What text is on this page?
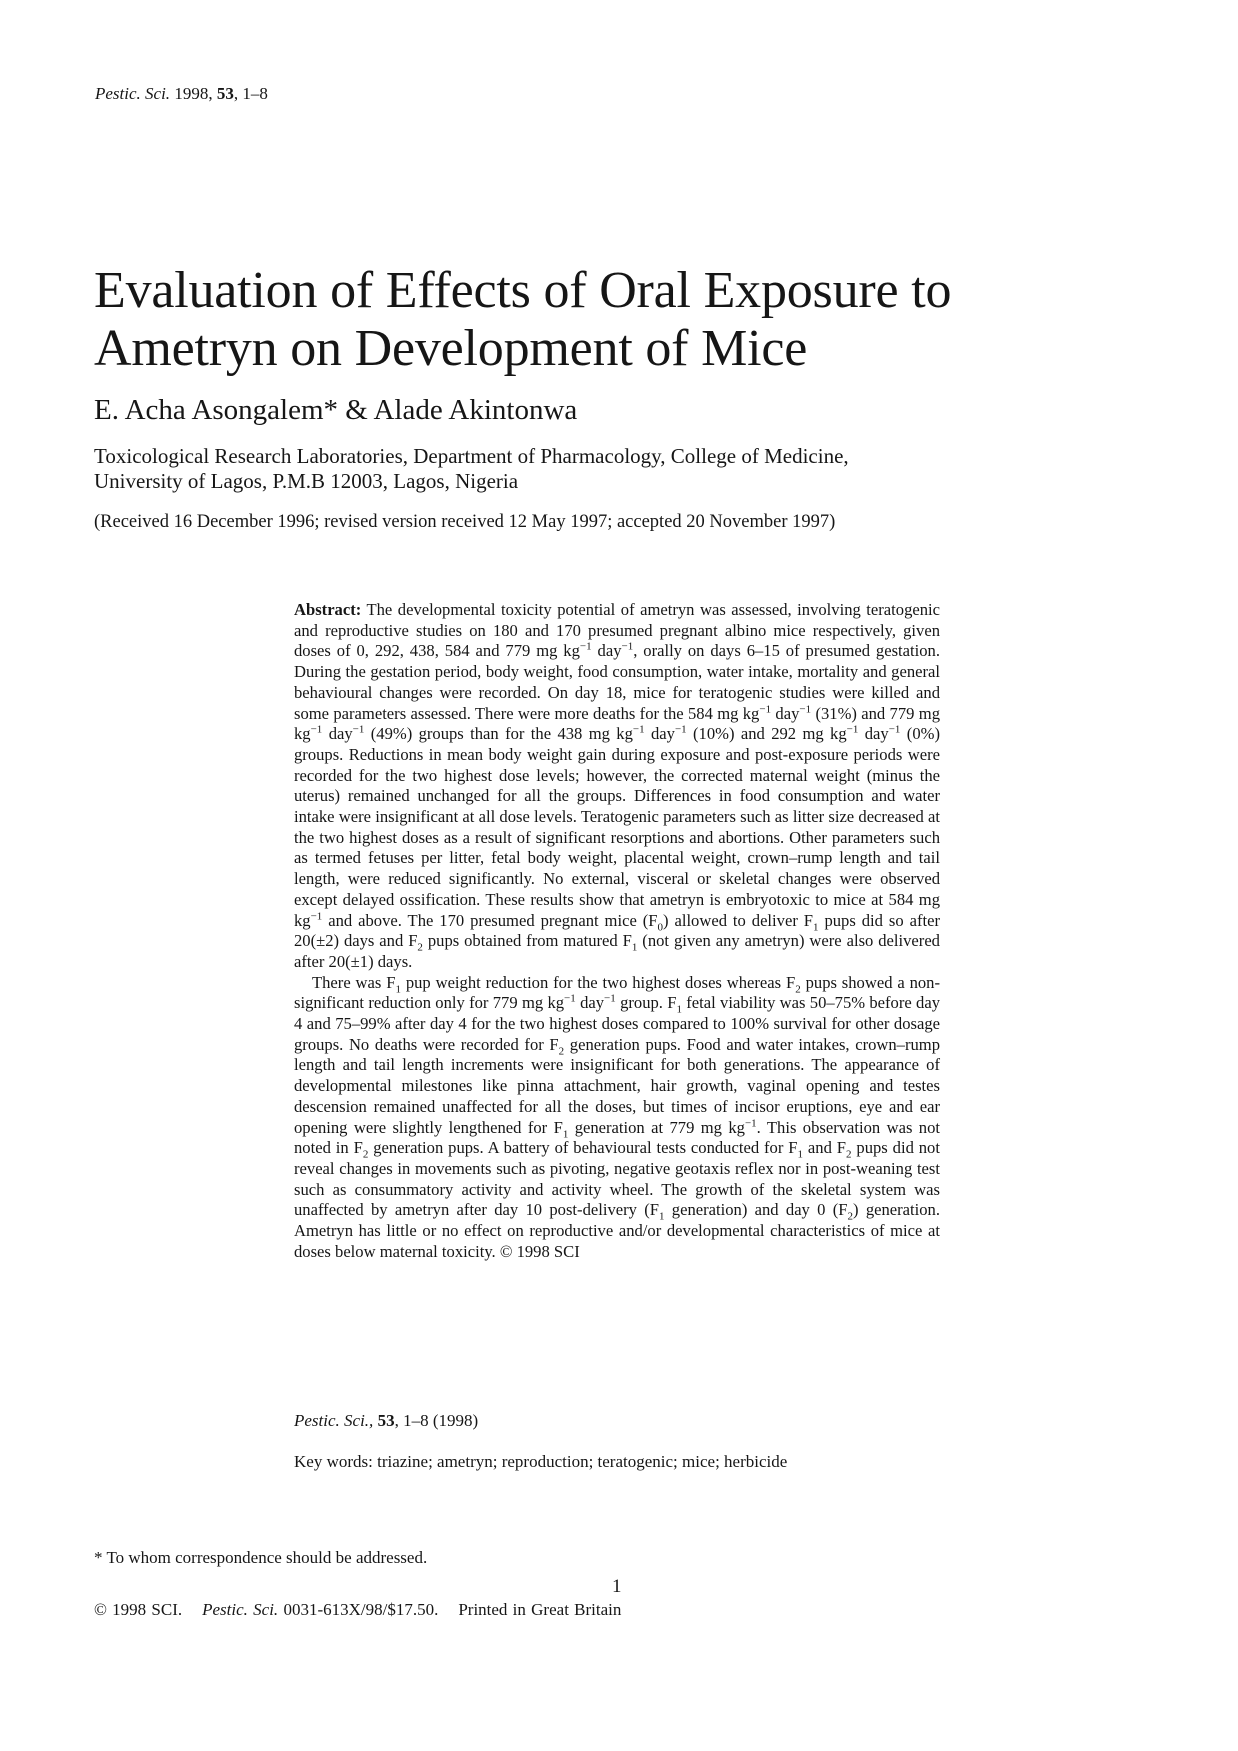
Pestic. Sci. 1998, 53, 1–8
Evaluation of Effects of Oral Exposure to
Ametryn on Development of Mice
E. Acha Asongalem* & Alade Akintonwa

Toxicological Research Laboratories, Department of Pharmacology, College of Medicine,
University of Lagos, P.M.B 12003, Lagos, Nigeria

(Received 16 December 1996; revised version received 12 May 1997; accepted 20 November 1997)

Abstract: The developmental toxicity potential of ametryn was assessed, involving teratogenic and reproductive studies on 180 and 170 presumed pregnant albino mice respectively, given doses of 0, 292, 438, 584 and 779 mg $kg^{-1}$ day$^{-1}$, orally on days 6–15 of presumed gestation. During the gestation period, body weight, food consumption, water intake, mortality and general behavioural changes were recorded. On day 18, mice for teratogenic studies were killed and some parameters assessed. There were more deaths for the 584 mg $kg^{-1}$ day$^{-1}$ (31%) and 779 mg $kg^{-1}$ day$^{-1}$ (49%) groups than for the 438 mg $kg^{-1}$ day$^{-1}$ (10%) and 292 mg $kg^{-1}$ day$^{-1}$ (0%) groups. Reductions in mean body weight gain during exposure and post-exposure periods were recorded for the two highest dose levels; however, the corrected maternal weight (minus the uterus) remained unchanged for all the groups. Differences in food consumption and water intake were insignificant at all dose levels. Teratogenic parameters such as litter size decreased at the two highest doses as a result of significant resorptions and abortions. Other parameters such as termed fetuses per litter, fetal body weight, placental weight, crown–rump length and tail length, were reduced significantly. No external, visceral or skeletal changes were observed except delayed ossification. These results show that ametryn is embryotoxic to mice at 584 mg $kg^{-1}$ and above. The 170 presumed pregnant mice $(F_0)$ allowed to deliver $F_1$ pups did so after 20(±2) days and $F_2$ pups obtained from matured $F_1$ (not given any ametryn) were also delivered after 20(±1) days.

There was $F_1$ pup weight reduction for the two highest doses whereas $F_2$ pups showed a non-significant reduction only for 779 mg $kg^{-1}$ day$^{-1}$ group. $F_1$ fetal viability was 50–75% before day 4 and 75–99% after day 4 for the two highest doses compared to 100% survival for other dosage groups. No deaths were recorded for $F_2$ generation pups. Food and water intakes, crown–rump length and tail length increments were insignificant for both generations. The appearance of developmental milestones like pinna attachment, hair growth, vaginal opening and testes descension remained unaffected for all the doses, but times of incisor eruptions, eye and ear opening were slightly lengthened for $F_1$ generation at 779 mg $kg^{-1}$. This observation was not noted in $F_2$ generation pups. A battery of behavioural tests conducted for $F_1$ and $F_2$ pups did not reveal changes in movements such as pivoting, negative geotaxis reflex nor in post-weaning test such as consummatory activity and activity wheel. The growth of the skeletal system was unaffected by ametryn after day 10 post-delivery ($F_1$ generation) and day 0 $(F_2)$ generation. Ametryn has little or no effect on reproductive and/or developmental characteristics of mice at doses below maternal toxicity. © 1998 SCI

Pestic. Sci., 53, 1–8 (1998)
Key words: triazine; ametryn; reproduction; teratogenic; mice; herbicide
* To whom correspondence should be addressed.
1
© 1998 SCI. Pestic. Sci. 0031-613X/98/$17.50. Printed in Great Britain
